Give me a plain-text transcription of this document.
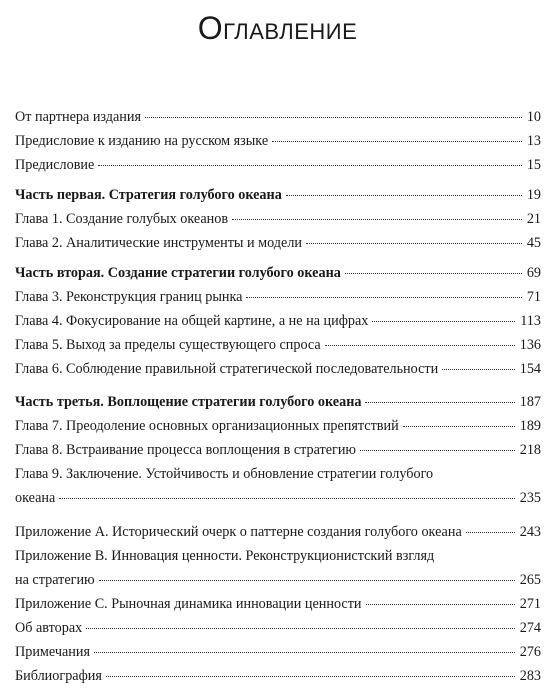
Оглавление
От партнера издания	10
Предисловие к изданию на русском языке	13
Предисловие	15
Часть первая. Стратегия голубого океана	19
Глава 1. Создание голубых океанов	21
Глава 2. Аналитические инструменты и модели	45
Часть вторая. Создание стратегии голубого океана	69
Глава 3. Реконструкция границ рынка	71
Глава 4. Фокусирование на общей картине, а не на цифрах	113
Глава 5. Выход за пределы существующего спроса	136
Глава 6. Соблюдение правильной стратегической последовательности	154
Часть третья. Воплощение стратегии голубого океана	187
Глава 7. Преодоление основных организационных препятствий	189
Глава 8. Встраивание процесса воплощения в стратегию	218
Глава 9. Заключение. Устойчивость и обновление стратегии голубого
океана	235
Приложение А. Исторический очерк о паттерне создания голубого океана	243
Приложение В. Инновация ценности. Реконструкционистский взгляд
на стратегию	265
Приложение С. Рыночная динамика инновации ценности	271
Об авторах	274
Примечания	276
Библиография	283
